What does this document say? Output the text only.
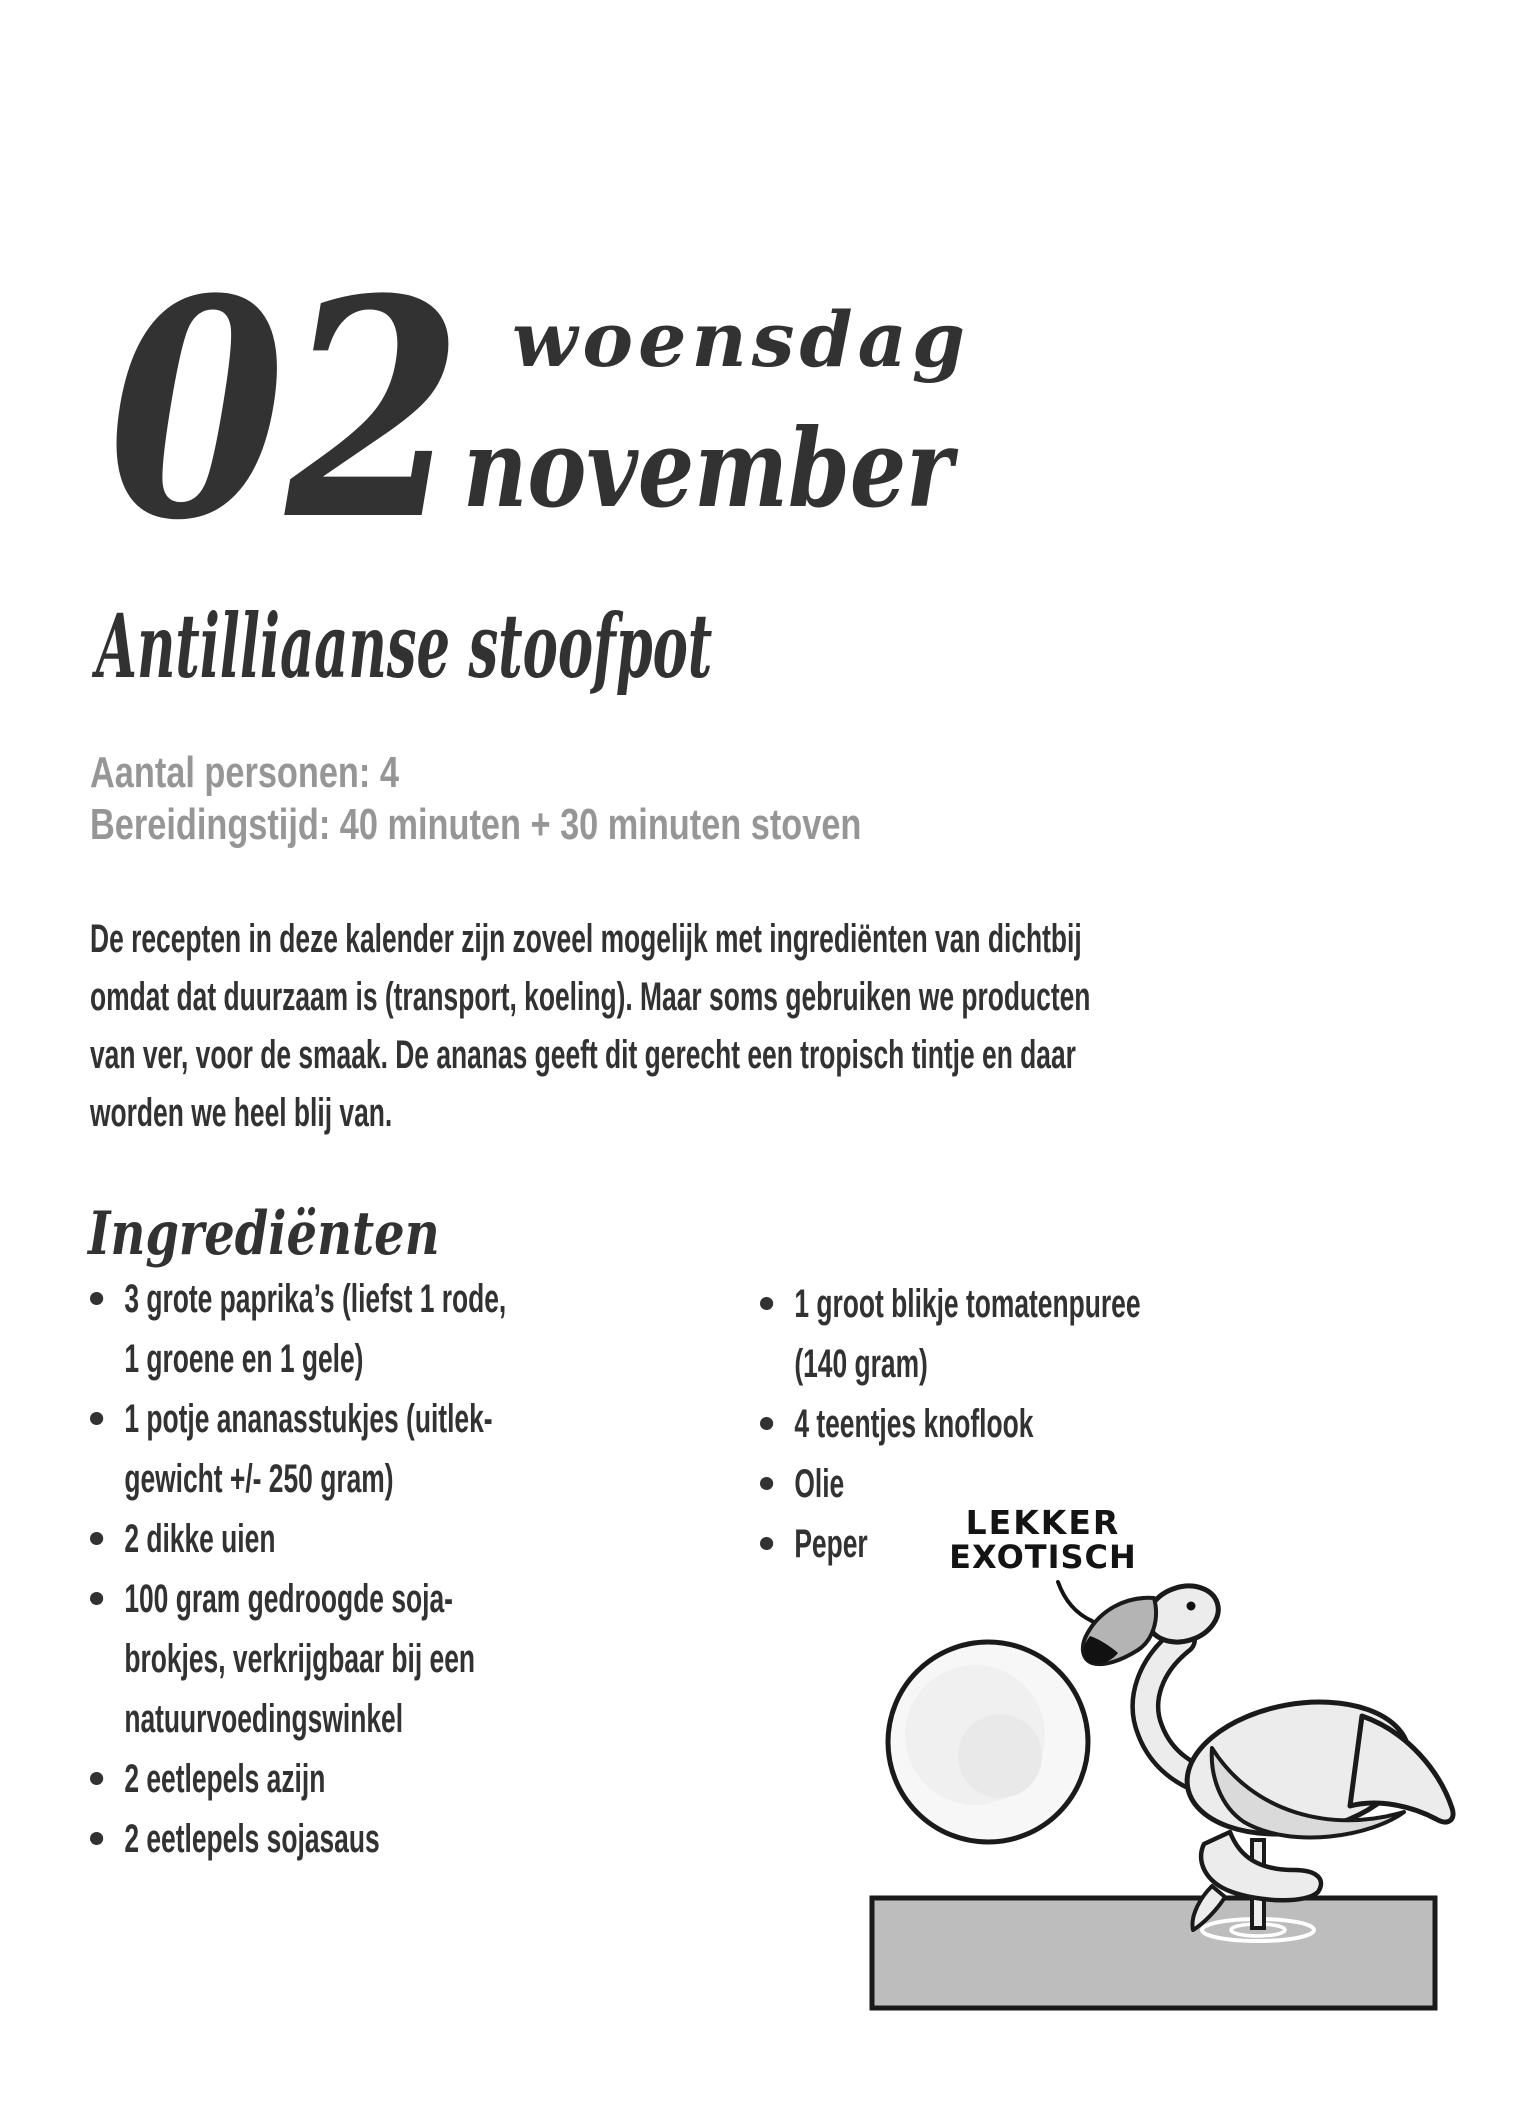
02 woensdag
november
Antilliaanse stoofpot
Aantal personen: 4
Bereidingstijd: 40 minuten + 30 minuten stoven
De recepten in deze kalender zijn zoveel mogelijk met ingrediënten van dichtbij
omdat dat duurzaam is (transport, koeling). Maar soms gebruiken we producten
van ver, voor de smaak. De ananas geeft dit gerecht een tropisch tintje en daar
worden we heel blij van.
Ingrediënten
3 grote paprika’s (liefst 1 rode,
1 groene en 1 gele)
1 potje ananasstukjes (uitlek-
gewicht +/- 250 gram)
2 dikke uien
100 gram gedroogde soja-
brokjes, verkrijgbaar bij een
natuurvoedingswinkel
2 eetlepels azijn
2 eetlepels sojasaus
1 groot blikje tomatenpuree
(140 gram)
4 teentjes knoflook
Olie
Peper	LEKKER
EXOTISCH
